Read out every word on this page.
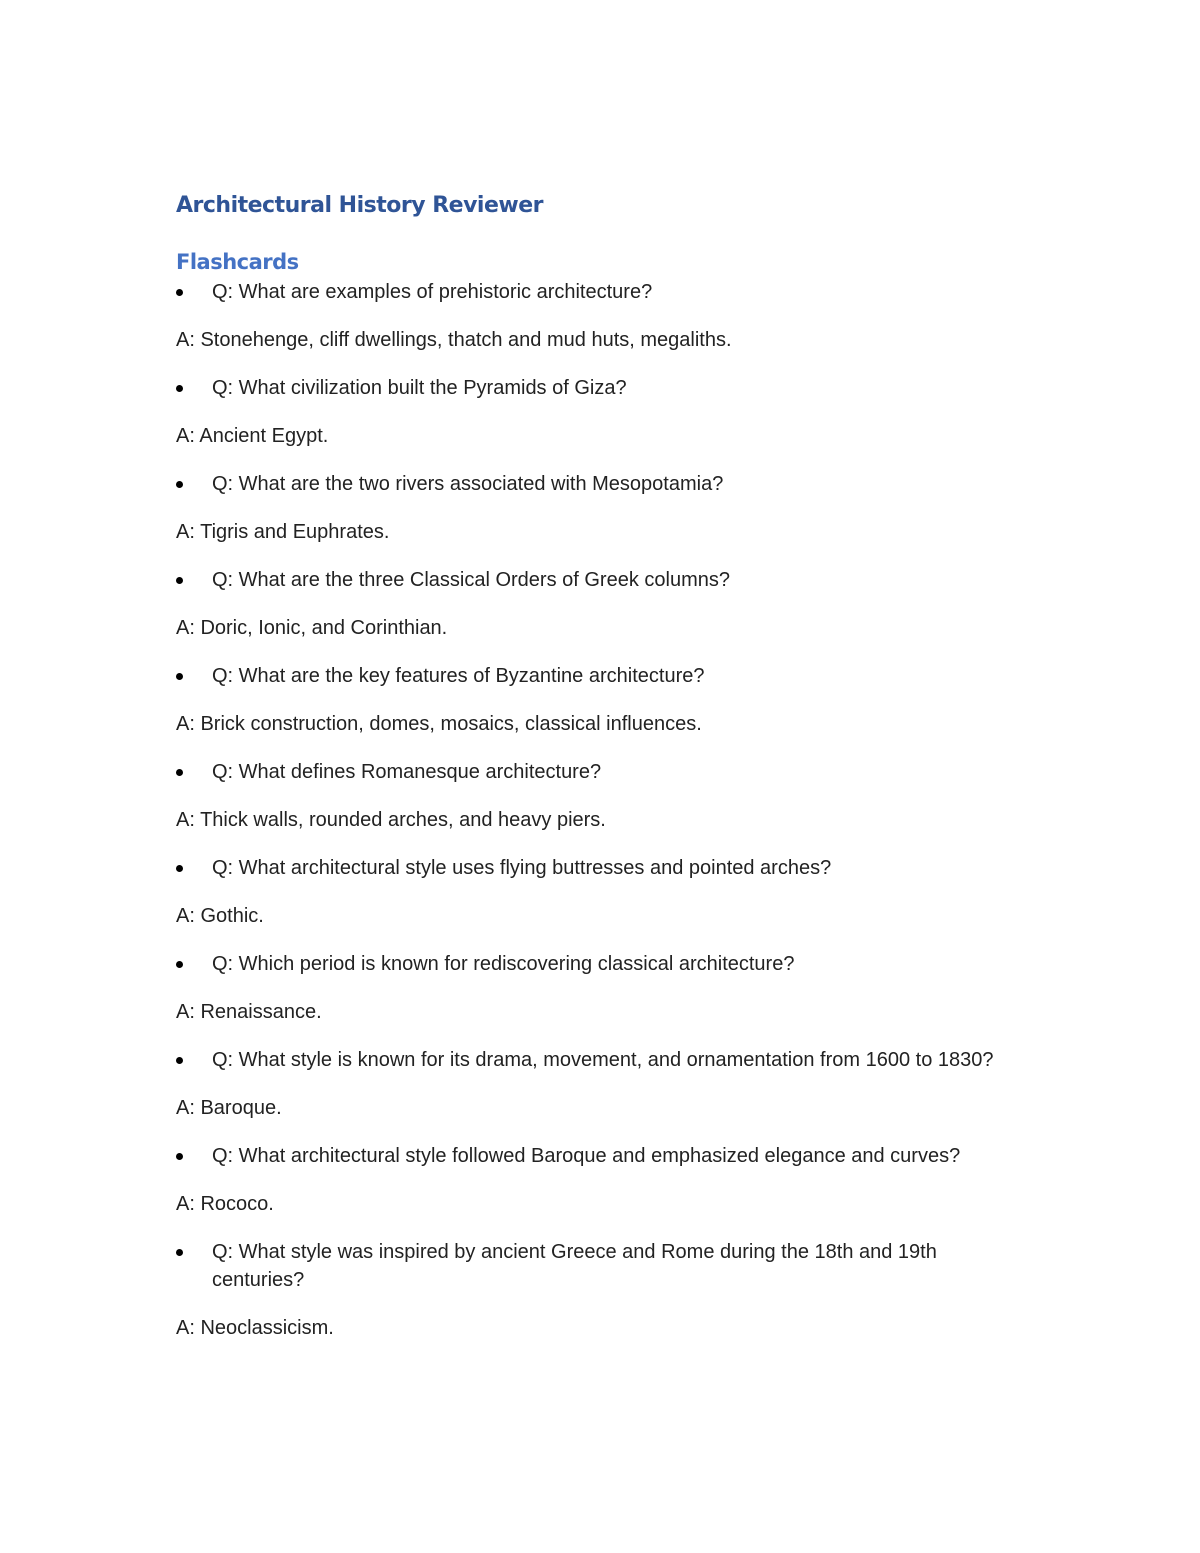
Architectural History Reviewer
Flashcards
Q: What are examples of prehistoric architecture?
A: Stonehenge, cliff dwellings, thatch and mud huts, megaliths.
Q: What civilization built the Pyramids of Giza?
A: Ancient Egypt.
Q: What are the two rivers associated with Mesopotamia?
A: Tigris and Euphrates.
Q: What are the three Classical Orders of Greek columns?
A: Doric, Ionic, and Corinthian.
Q: What are the key features of Byzantine architecture?
A: Brick construction, domes, mosaics, classical influences.
Q: What defines Romanesque architecture?
A: Thick walls, rounded arches, and heavy piers.
Q: What architectural style uses flying buttresses and pointed arches?
A: Gothic.
Q: Which period is known for rediscovering classical architecture?
A: Renaissance.
Q: What style is known for its drama, movement, and ornamentation from 1600 to 1830?
A: Baroque.
Q: What architectural style followed Baroque and emphasized elegance and curves?
A: Rococo.
Q: What style was inspired by ancient Greece and Rome during the 18th and 19th centuries?
A: Neoclassicism.
